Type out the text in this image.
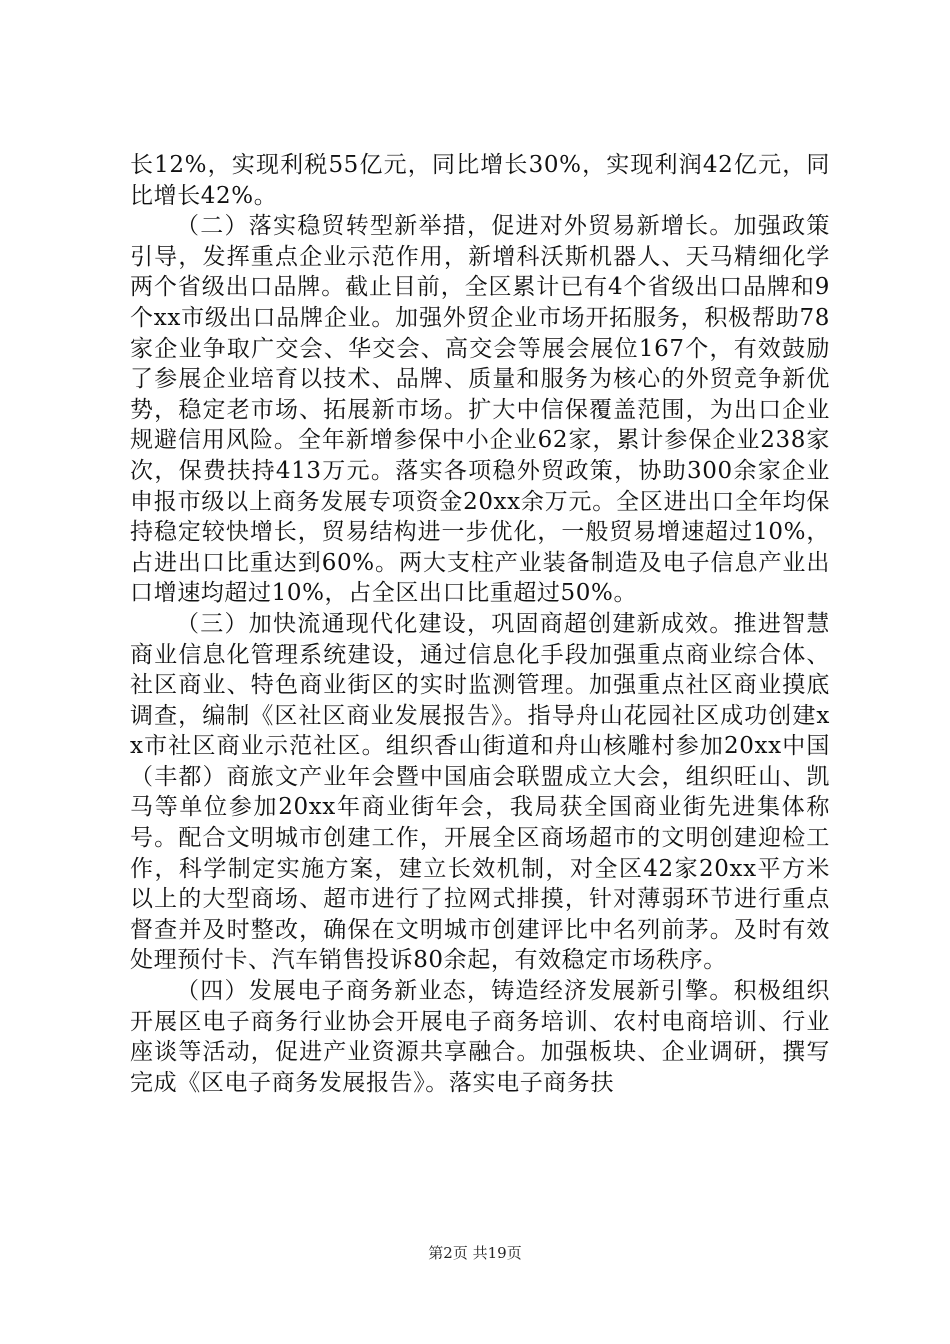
长12%，实现利税55亿元，同比增长30%，实现利润42亿元，同比增长42%。

（二）落实稳贸转型新举措，促进对外贸易新增长。加强政策引导，发挥重点企业示范作用，新增科沃斯机器人、天马精细化学两个省级出口品牌。截止目前，全区累计已有4个省级出口品牌和9个xx市级出口品牌企业。加强外贸企业市场开拓服务，积极帮助78家企业争取广交会、华交会、高交会等展会展位167个，有效鼓励了参展企业培育以技术、品牌、质量和服务为核心的外贸竞争新优势，稳定老市场、拓展新市场。扩大中信保覆盖范围，为出口企业规避信用风险。全年新增参保中小企业62家，累计参保企业238家次，保费扶持413万元。落实各项稳外贸政策，协助300余家企业申报市级以上商务发展专项资金20xx余万元。全区进出口全年均保持稳定较快增长，贸易结构进一步优化，一般贸易增速超过10%，占进出口比重达到60%。两大支柱产业装备制造及电子信息产业出口增速均超过10%，占全区出口比重超过50%。

（三）加快流通现代化建设，巩固商超创建新成效。推进智慧商业信息化管理系统建设，通过信息化手段加强重点商业综合体、社区商业、特色商业街区的实时监测管理。加强重点社区商业摸底调查，编制《区社区商业发展报告》。指导舟山花园社区成功创建xx市社区商业示范社区。组织香山街道和舟山核雕村参加20xx中国（丰都）商旅文产业年会暨中国庙会联盟成立大会，组织旺山、凯马等单位参加20xx年商业街年会，我局获全国商业街先进集体称号。配合文明城市创建工作，开展全区商场超市的文明创建迎检工作，科学制定实施方案，建立长效机制，对全区42家20xx平方米以上的大型商场、超市进行了拉网式排摸，针对薄弱环节进行重点督查并及时整改，确保在文明城市创建评比中名列前茅。及时有效处理预付卡、汽车销售投诉80余起，有效稳定市场秩序。

（四）发展电子商务新业态，铸造经济发展新引擎。积极组织开展区电子商务行业协会开展电子商务培训、农村电商培训、行业座谈等活动，促进产业资源共享融合。加强板块、企业调研，撰写完成《区电子商务发展报告》。落实电子商务扶

第2页 共19页
